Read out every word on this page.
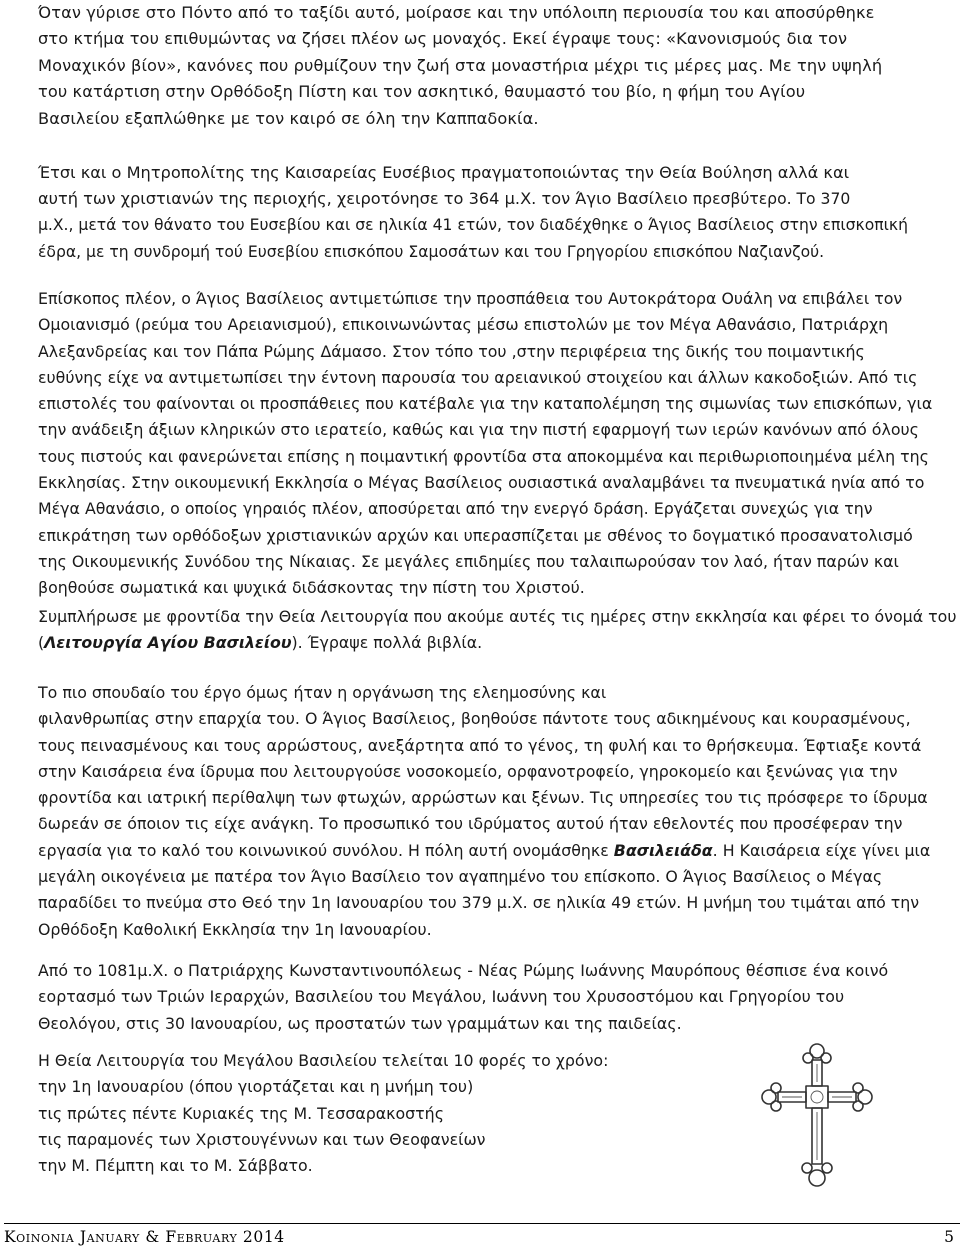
Όταν γύρισε στο Πόντο από το ταξίδι αυτό, μοίρασε και την υπόλοιπη περιουσία του και αποσύρθηκε
στο κτήμα του επιθυμώντας να ζήσει πλέον ως μοναχός. Εκεί έγραψε τους: «Κανονισμούς δια τον
Μοναχικόν βίον», κανόνες που ρυθμίζουν την ζωή στα μοναστήρια μέχρι τις μέρες μας. Με την υψηλή
του κατάρτιση στην Ορθόδοξη Πίστη και τον ασκητικό, θαυμαστό του βίο, η φήμη του Αγίου
Βασιλείου εξαπλώθηκε με τον καιρό σε όλη την Καππαδοκία.

Έτσι και ο Μητροπολίτης της Καισαρείας Ευσέβιος πραγματοποιώντας την Θεία Βούληση αλλά και
αυτή των χριστιανών της περιοχής, χειροτόνησε το 364 μ.Χ. τον Άγιο Βασίλειο πρεσβύτερο. Το 370
μ.Χ., μετά τον θάνατο του Ευσεβίου και σε ηλικία 41 ετών, τον διαδέχθηκε ο Άγιος Βασίλειος στην επισκοπική
έδρα, με τη συνδρομή τού Ευσεβίου επισκόπου Σαμοσάτων και του Γρηγορίου επισκόπου Ναζιανζού.

Επίσκοπος πλέον, ο Άγιος Βασίλειος αντιμετώπισε την προσπάθεια του Αυτοκράτορα Ουάλη να επιβάλει τον
Ομοιανισμό (ρεύμα του Αρειανισμού), επικοινωνώντας μέσω επιστολών με τον Μέγα Αθανάσιο, Πατριάρχη
Αλεξανδρείας και τον Πάπα Ρώμης Δάμασο. Στον τόπο του ,στην περιφέρεια της δικής του ποιμαντικής
ευθύνης είχε να αντιμετωπίσει την έντονη παρουσία του αρειανικού στοιχείου και άλλων κακοδοξιών. Από τις
επιστολές του φαίνονται οι προσπάθειες που κατέβαλε για την καταπολέμηση της σιμωνίας των επισκόπων, για
την ανάδειξη άξιων κληρικών στο ιερατείο, καθώς και για την πιστή εφαρμογή των ιερών κανόνων από όλους
τους πιστούς και φανερώνεται επίσης η ποιμαντική φροντίδα στα αποκομμένα και περιθωριοποιημένα μέλη της
Εκκλησίας. Στην οικουμενική Εκκλησία ο Μέγας Βασίλειος ουσιαστικά αναλαμβάνει τα πνευματικά ηνία από το
Μέγα Αθανάσιο, ο οποίος γηραιός πλέον, αποσύρεται από την ενεργό δράση. Εργάζεται συνεχώς για την
επικράτηση των ορθόδοξων χριστιανικών αρχών και υπερασπίζεται με σθένος το δογματικό προσανατολισμό
της Οικουμενικής Συνόδου της Νίκαιας. Σε μεγάλες επιδημίες που ταλαιπωρούσαν τον λαό, ήταν παρών και
βοηθούσε σωματικά και ψυχικά διδάσκοντας την πίστη του Χριστού.

Συμπλήρωσε με φροντίδα την Θεία Λειτουργία που ακούμε αυτές τις ημέρες στην εκκλησία και φέρει το όνομά του
(Λειτουργία Αγίου Βασιλείου). Έγραψε πολλά βιβλία.

Το πιο σπουδαίο του έργο όμως ήταν η οργάνωση της ελεημοσύνης και
φιλανθρωπίας στην επαρχία του. Ο Άγιος Βασίλειος, βοηθούσε πάντοτε τους αδικημένους και κουρασμένους,
τους πεινασμένους και τους αρρώστους, ανεξάρτητα από το γένος, τη φυλή και το θρήσκευμα. Έφτιαξε κοντά
στην Καισάρεια ένα ίδρυμα που λειτουργούσε νοσοκομείο, ορφανοτροφείο, γηροκομείο και ξενώνας για την
φροντίδα και ιατρική περίθαλψη των φτωχών, αρρώστων και ξένων. Τις υπηρεσίες του τις πρόσφερε το ίδρυμα
δωρεάν σε όποιον τις είχε ανάγκη. Το προσωπικό του ιδρύματος αυτού ήταν εθελοντές που προσέφεραν την
εργασία για το καλό του κοινωνικού συνόλου. Η πόλη αυτή ονομάσθηκε Βασιλειάδα. Η Καισάρεια είχε γίνει μια
μεγάλη οικογένεια με πατέρα τον Άγιο Βασίλειο τον αγαπημένο του επίσκοπο. Ο Άγιος Βασίλειος ο Μέγας
παραδίδει το πνεύμα στο Θεό την 1η Ιανουαρίου του 379 μ.Χ. σε ηλικία 49 ετών. Η μνήμη του τιμάται από την
Ορθόδοξη Καθολική Εκκλησία την 1η Ιανουαρίου.

Από το 1081μ.Χ. ο Πατριάρχης Κωνσταντινουπόλεως - Νέας Ρώμης Ιωάννης Μαυρόπους θέσπισε ένα κοινό
εορτασμό των Τριών Ιεραρχών, Βασιλείου του Μεγάλου, Ιωάννη του Χρυσοστόμου και Γρηγορίου του
Θεολόγου, στις 30 Ιανουαρίου, ως προστατών των γραμμάτων και της παιδείας.

Η Θεία Λειτουργία του Μεγάλου Βασιλείου τελείται 10 φορές το χρόνο:
την 1η Ιανουαρίου (όπου γιορτάζεται και η μνήμη του)
τις πρώτες πέντε Κυριακές της Μ. Τεσσαρακοστής
τις παραμονές των Χριστουγέννων και των Θεοφανείων
την Μ. Πέμπτη και το Μ. Σάββατο.

Koinonia January & February 2014	5
